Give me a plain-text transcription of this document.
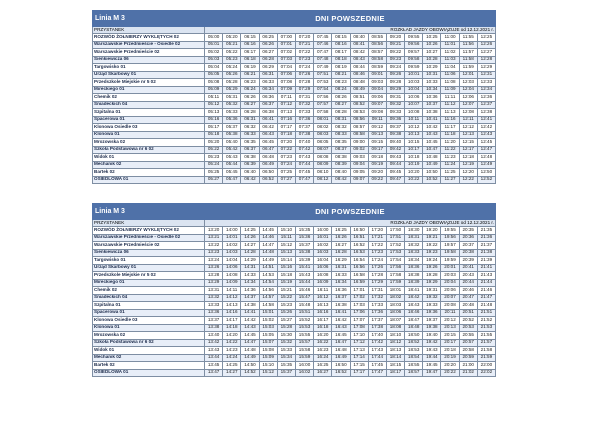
Linia M 3	DNI POWSZEDNIE															
PRZYSTANEK	ROZKŁAD JAZDY OBOWIĄZUJE od 12.12.2021 r.															
ROZWÓD ŻOŁNIERZY WYKLĘTYCH 02	05:00	05:20	06:15	06:25	07:00	07:20	07:45	08:15	08:40	08:55	09:20	09:55	10:25	11:00	11:55	12:25
Warszawskie Przedmieście - Osiedle 02	05:01	05:21	06:16	06:26	07:01	07:21	07:46	08:16	08:41	08:56	09:21	09:56	10:26	11:01	11:56	12:26
Warszawskie Przedmieście 02	05:02	05:22	06:17	06:27	07:02	07:22	07:47	08:17	08:42	08:57	09:22	09:57	10:27	11:02	11:57	12:27
Sienkiewicza 06	05:03	05:23	06:18	06:28	07:03	07:23	07:48	08:18	08:43	08:58	09:23	09:58	10:28	11:03	11:58	12:28
Targowisko 01	05:04	05:24	06:19	06:29	07:04	07:24	07:49	08:19	08:44	08:59	09:24	09:59	10:29	11:04	11:59	12:29
Urząd Skarbowy 01	05:05	05:26	06:21	06:31	07:06	07:26	07:51	08:21	08:46	09:01	09:26	10:01	10:31	11:06	12:01	12:31
Przedszkole Miejskie nr 5 02	05:08	05:28	06:23	06:33	07:08	07:28	07:53	08:23	08:48	09:03	09:28	10:03	10:33	11:08	12:03	12:33
Mireckiego 01	05:09	05:29	06:24	06:34	07:09	07:29	07:54	08:24	08:49	09:04	09:29	10:04	10:34	11:09	12:04	12:34
Chemik 02	05:11	05:31	06:26	06:36	07:11	07:31	07:56	08:26	08:51	09:06	09:31	10:06	10:36	11:11	12:06	12:36
Śniadeckich 04	05:12	05:32	06:27	06:37	07:12	07:32	07:57	08:27	08:52	09:07	09:32	10:07	10:37	11:12	12:07	12:37
Szpitalna 01	05:13	05:33	06:28	06:38	07:13	07:33	07:58	08:28	08:53	09:08	09:33	10:08	10:38	11:13	12:08	12:38
Spacerowa 01	05:16	05:36	06:31	06:41	07:16	07:36	08:01	08:31	08:56	09:11	09:36	10:11	10:41	11:16	12:11	12:41
Klonowa Osiedle 03	05:17	05:37	06:32	06:42	07:17	07:37	08:02	08:32	08:57	09:12	09:37	10:12	10:42	11:17	12:12	12:42
Klonowa 01	05:18	05:38	06:33	06:43	07:18	07:38	08:03	08:33	08:58	09:13	09:38	10:13	10:43	11:18	12:13	12:43
Mrozowska 02	05:20	05:40	06:35	06:45	07:20	07:40	08:05	08:35	09:00	09:15	09:40	10:15	10:45	11:20	12:15	12:45
Szkoła Podstawowa nr 6 02	05:22	05:42	06:37	06:47	07:22	07:42	08:07	08:37	09:02	09:17	09:42	10:17	10:47	11:22	12:17	12:47
Widok 01	05:23	05:43	06:38	06:48	07:23	07:43	08:08	08:38	09:03	09:18	09:43	10:18	10:48	11:23	12:18	12:48
Mechanik 02	05:24	05:44	06:39	06:49	07:24	07:44	08:09	08:39	09:04	09:19	09:44	10:19	10:49	11:24	12:19	12:49
Bartek 02	05:25	05:45	06:40	06:50	07:25	07:45	08:10	08:40	09:05	09:20	09:45	10:20	10:50	11:25	12:20	12:50
OSIEDLOWA 01	05:27	05:47	06:42	06:52	07:27	07:47	08:12	08:42	09:07	09:22	09:47	10:22	10:52	11:27	12:22	12:52
Linia M 3	DNI POWSZEDNIE															
PRZYSTANEK	ROZKŁAD JAZDY OBOWIĄZUJE od 12.12.2021 r.															
ROZWÓD ŻOŁNIERZY WYKLĘTYCH 02	13:20	14:00	14:25	14:45	15:10	15:35	16:00	16:25	16:50	17:20	17:50	18:30	19:20	19:55	20:35	21:35
Warszawskie Przedmieście - Osiedle 02	13:21	14:01	14:26	14:46	15:11	15:36	16:01	16:26	16:51	17:21	17:51	18:31	19:21	19:56	20:36	21:36
Warszawskie Przedmieście 02	13:22	14:02	14:27	14:47	15:12	15:37	16:02	16:27	16:52	17:22	17:52	18:32	19:22	19:57	20:37	21:37
Sienkiewicza 06	13:23	14:03	14:28	14:48	15:13	15:38	16:03	16:28	16:53	17:23	17:53	18:33	19:23	19:58	20:38	21:38
Targowisko 01	13:24	14:04	14:29	14:49	15:14	15:39	16:04	16:29	16:54	17:24	17:54	18:34	19:24	19:59	20:39	21:39
Urząd Skarbowy 01	13:26	14:06	14:31	14:51	15:16	15:41	16:06	16:31	16:56	17:26	17:56	18:36	19:26	20:01	20:41	21:41
Przedszkole Miejskie nr 5 02	13:28	14:08	14:33	14:53	15:18	15:43	16:08	16:33	16:58	17:28	17:58	18:38	19:28	20:03	20:43	21:43
Mireckiego 01	13:29	14:09	14:34	14:54	15:19	15:44	16:09	16:34	16:59	17:29	17:59	18:39	19:29	20:04	20:44	21:44
Chemik 02	13:31	14:11	14:36	14:56	15:21	15:46	16:11	16:36	17:01	17:31	18:01	18:41	19:31	20:06	20:46	21:46
Śniadeckich 04	13:32	14:12	14:37	14:57	15:22	15:47	16:12	16:37	17:02	17:32	18:02	18:42	19:32	20:07	20:47	21:47
Szpitalna 01	13:33	14:13	14:38	14:58	15:23	15:48	16:13	16:38	17:03	17:33	18:03	18:43	19:33	20:08	20:48	21:48
Spacerowa 01	13:36	14:16	14:41	15:01	15:26	15:51	16:16	16:41	17:06	17:36	18:06	18:46	19:36	20:11	20:51	21:51
Klonowa Osiedle 03	13:37	14:17	14:42	15:02	15:27	15:52	16:17	16:42	17:07	17:37	18:07	18:47	19:37	20:12	20:52	21:52
Klonowa 01	13:38	14:18	14:43	15:03	15:28	15:53	16:18	16:43	17:08	17:38	18:08	18:48	19:38	20:13	20:53	21:53
Mrozowska 02	13:40	14:20	14:45	15:05	15:30	15:55	16:20	16:45	17:10	17:40	18:10	18:50	19:40	20:15	20:55	21:55
Szkoła Podstawowa nr 6 02	13:42	14:22	14:47	15:07	15:32	15:57	16:22	16:47	17:12	17:42	18:12	18:52	19:42	20:17	20:57	21:57
Widok 01	13:43	14:23	14:48	15:08	15:33	15:58	16:23	16:48	17:13	17:43	18:13	18:53	19:43	20:18	20:58	21:58
Mechanik 02	13:44	14:24	14:49	15:09	15:34	15:59	16:24	16:49	17:14	17:44	18:14	18:54	19:44	20:19	20:59	21:59
Bartek 02	13:45	14:25	14:50	15:10	15:35	16:00	16:25	16:50	17:15	17:45	18:15	18:55	19:45	20:20	21:00	22:00
OSIEDLOWA 01	13:47	14:27	14:52	15:12	15:37	16:02	16:27	16:52	17:17	17:47	18:17	18:57	19:47	20:22	21:02	22:02
